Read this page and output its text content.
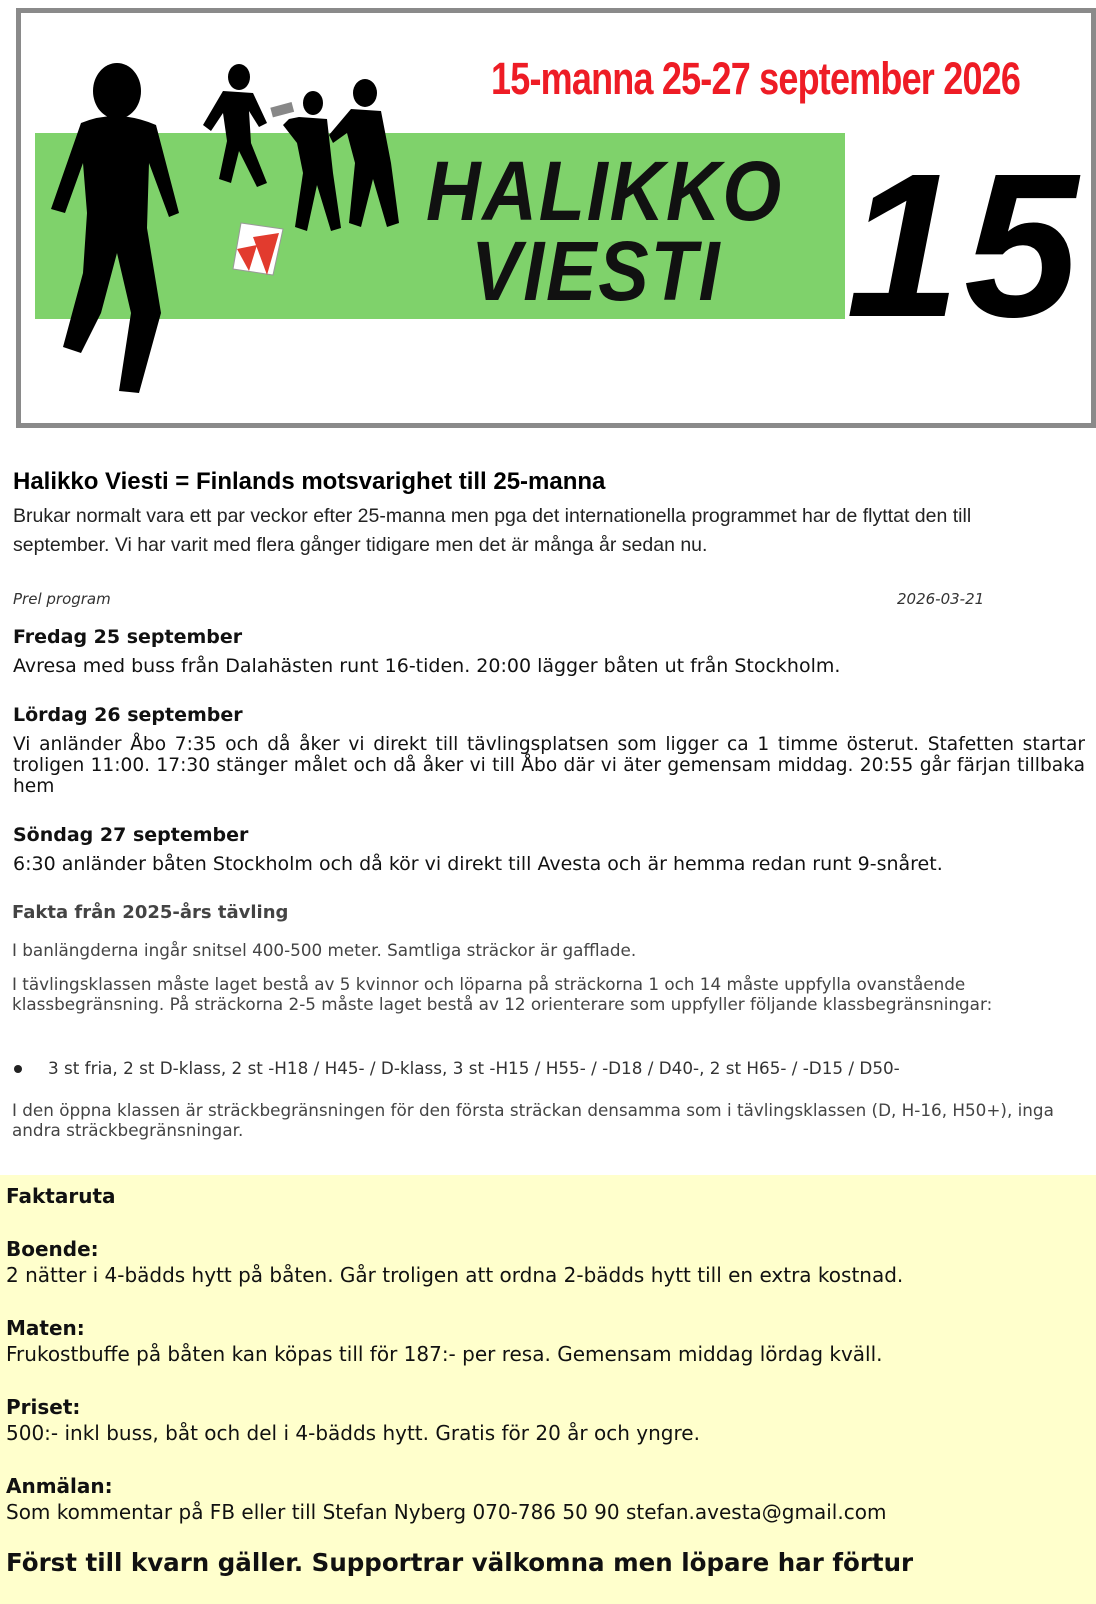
15-manna 25-27 september 2026
HALIKKO
VIESTI 15
Halikko Viesti = Finlands motsvarighet till 25-manna
Brukar normalt vara ett par veckor efter 25-manna men pga det internationella programmet har de flyttat den till september. Vi har varit med flera gånger tidigare men det är många år sedan nu.
Prel program	2026-03-21
Fredag 25 september
Avresa med buss från Dalahästen runt 16-tiden. 20:00 lägger båten ut från Stockholm.
Lördag 26 september
Vi anländer Åbo 7:35 och då åker vi direkt till tävlingsplatsen som ligger ca 1 timme österut. Stafetten startar troligen 11:00. 17:30 stänger målet och då åker vi till Åbo där vi äter gemensam middag. 20:55 går färjan tillbaka hem
Söndag 27 september
6:30 anländer båten Stockholm och då kör vi direkt till Avesta och är hemma redan runt 9-snåret.
Fakta från 2025-års tävling
I banlängderna ingår snitsel 400-500 meter. Samtliga sträckor är gafflade.
I tävlingsklassen måste laget bestå av 5 kvinnor och löparna på sträckorna 1 och 14 måste uppfylla ovanstående klassbegränsning. På sträckorna 2-5 måste laget bestå av 12 orienterare som uppfyller följande klassbegränsningar:
3 st fria, 2 st D-klass, 2 st -H18 / H45- / D-klass, 3 st -H15 / H55- / -D18 / D40-, 2 st H65- / -D15 / D50-
I den öppna klassen är sträckbegränsningen för den första sträckan densamma som i tävlingsklassen (D, H-16, H50+), inga andra sträckbegränsningar.
Faktaruta
Boende:
2 nätter i 4-bädds hytt på båten. Går troligen att ordna 2-bädds hytt till en extra kostnad.
Maten:
Frukostbuffe på båten kan köpas till för 187:- per resa. Gemensam middag lördag kväll.
Priset:
500:- inkl buss, båt och del i 4-bädds hytt. Gratis för 20 år och yngre.
Anmälan:
Som kommentar på FB eller till Stefan Nyberg 070-786 50 90 stefan.avesta@gmail.com
Först till kvarn gäller. Supportrar välkomna men löpare har förtur
